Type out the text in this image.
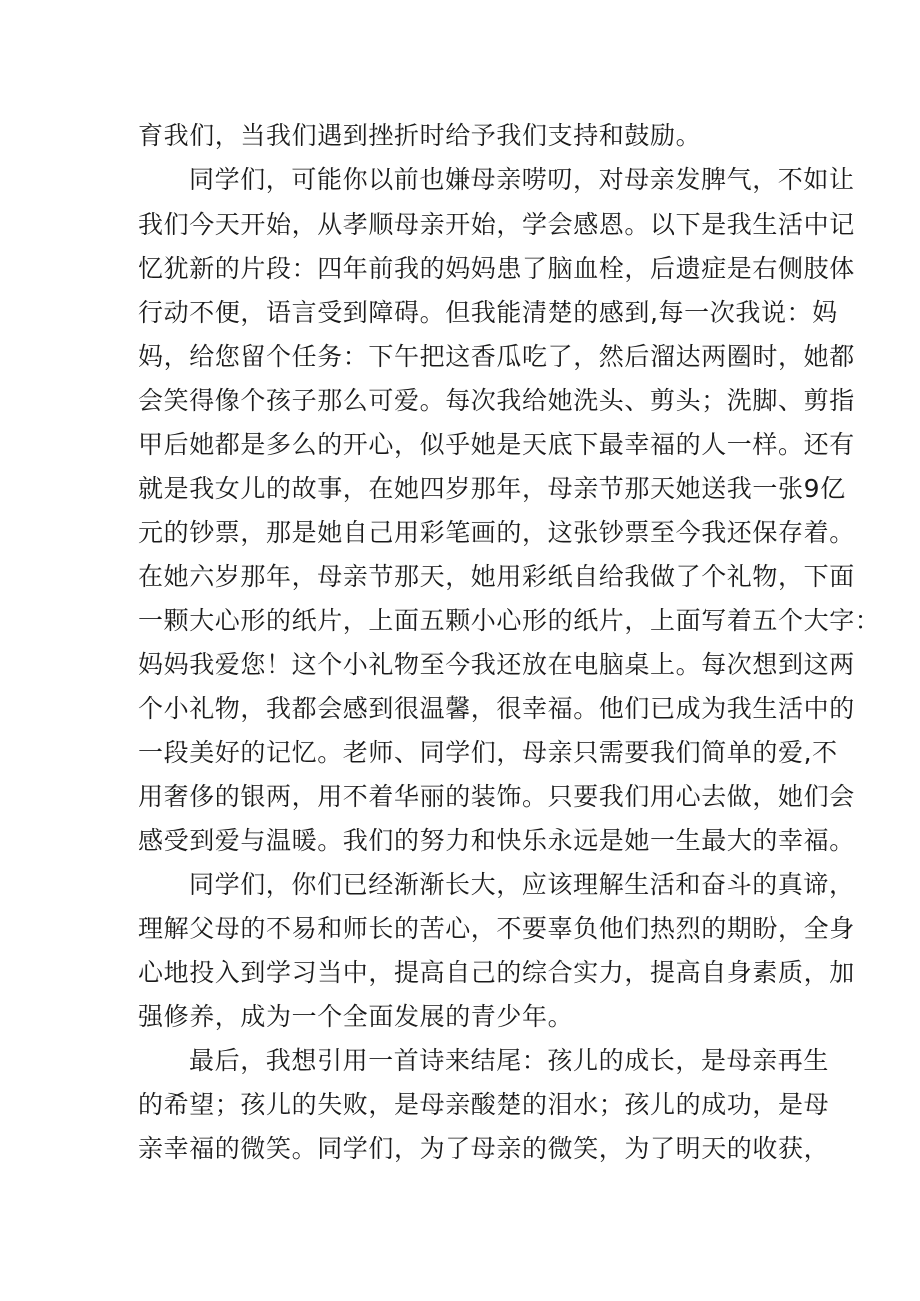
育我们，当我们遇到挫折时给予我们支持和鼓励。
同学们，可能你以前也嫌母亲唠叨，对母亲发脾气，不如让
我们今天开始，从孝顺母亲开始，学会感恩。以下是我生活中记
忆犹新的片段：四年前我的妈妈患了脑血栓，后遗症是右侧肢体
行动不便，语言受到障碍。但我能清楚的感到,每一次我说：妈
妈，给您留个任务：下午把这香瓜吃了，然后溜达两圈时，她都
会笑得像个孩子那么可爱。每次我给她洗头、剪头；洗脚、剪指
甲后她都是多么的开心，似乎她是天底下最幸福的人一样。还有
就是我女儿的故事，在她四岁那年，母亲节那天她送我一张9亿
元的钞票，那是她自己用彩笔画的，这张钞票至今我还保存着。
在她六岁那年，母亲节那天，她用彩纸自给我做了个礼物，下面
一颗大心形的纸片，上面五颗小心形的纸片，上面写着五个大字：
妈妈我爱您！这个小礼物至今我还放在电脑桌上。每次想到这两
个小礼物，我都会感到很温馨，很幸福。他们已成为我生活中的
一段美好的记忆。老师、同学们，母亲只需要我们简单的爱,不
用奢侈的银两，用不着华丽的装饰。只要我们用心去做，她们会
感受到爱与温暖。我们的努力和快乐永远是她一生最大的幸福。
同学们，你们已经渐渐长大，应该理解生活和奋斗的真谛，
理解父母的不易和师长的苦心，不要辜负他们热烈的期盼，全身
心地投入到学习当中，提高自己的综合实力，提高自身素质，加
强修养，成为一个全面发展的青少年。
最后，我想引用一首诗来结尾：孩儿的成长，是母亲再生
的希望；孩儿的失败，是母亲酸楚的泪水；孩儿的成功，是母
亲幸福的微笑。同学们，为了母亲的微笑，为了明天的收获，
